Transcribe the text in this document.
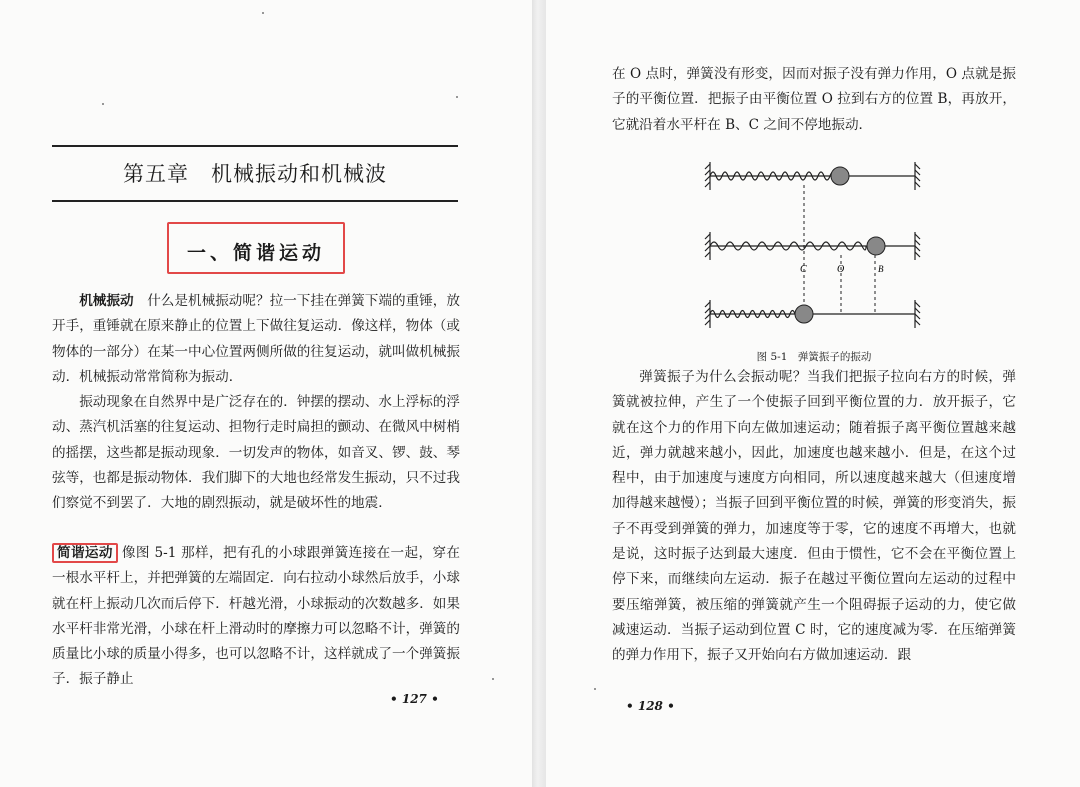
第五章　机械振动和机械波
一、简谐运动

机械振动　什么是机械振动呢？拉一下挂在弹簧下端的重锤，放开手，重锤就在原来静止的位置上下做往复运动．像这样，物体（或物体的一部分）在某一中心位置两侧所做的往复运动，就叫做机械振动．机械振动常常简称为振动．

振动现象在自然界中是广泛存在的．钟摆的摆动、水上浮标的浮动、蒸汽机活塞的往复运动、担物行走时扁担的颤动、在微风中树梢的摇摆，这些都是振动现象．一切发声的物体，如音叉、锣、鼓、琴弦等，也都是振动物体．我们脚下的大地也经常发生振动，只不过我们察觉不到罢了．大地的剧烈振动，就是破坏性的地震．

简谐运动 像图 5-1 那样，把有孔的小球跟弹簧连接在一起，穿在一根水平杆上，并把弹簧的左端固定．向右拉动小球然后放手，小球就在杆上振动几次而后停下．杆越光滑，小球振动的次数越多．如果水平杆非常光滑，小球在杆上滑动时的摩擦力可以忽略不计，弹簧的质量比小球的质量小得多，也可以忽略不计，这样就成了一个弹簧振子．振子静止

• 127 •

在 O 点时，弹簧没有形变，因而对振子没有弹力作用，O 点就是振子的平衡位置．把振子由平衡位置 O 拉到右方的位置 B，再放开，它就沿着水平杆在 B、C 之间不停地振动．

C	O	B

图 5-1　弹簧振子的振动

弹簧振子为什么会振动呢？当我们把振子拉向右方的时候，弹簧就被拉伸，产生了一个使振子回到平衡位置的力．放开振子，它就在这个力的作用下向左做加速运动；随着振子离平衡位置越来越近，弹力就越来越小，因此，加速度也越来越小．但是，在这个过程中，由于加速度与速度方向相同，所以速度越来越大（但速度增加得越来越慢）；当振子回到平衡位置的时候，弹簧的形变消失，振子不再受到弹簧的弹力，加速度等于零，它的速度不再增大，也就是说，这时振子达到最大速度．但由于惯性，它不会在平衡位置上停下来，而继续向左运动．振子在越过平衡位置向左运动的过程中要压缩弹簧，被压缩的弹簧就产生一个阻碍振子运动的力，使它做减速运动．当振子运动到位置 C 时，它的速度减为零．在压缩弹簧的弹力作用下，振子又开始向右方做加速运动．跟

• 128 •
